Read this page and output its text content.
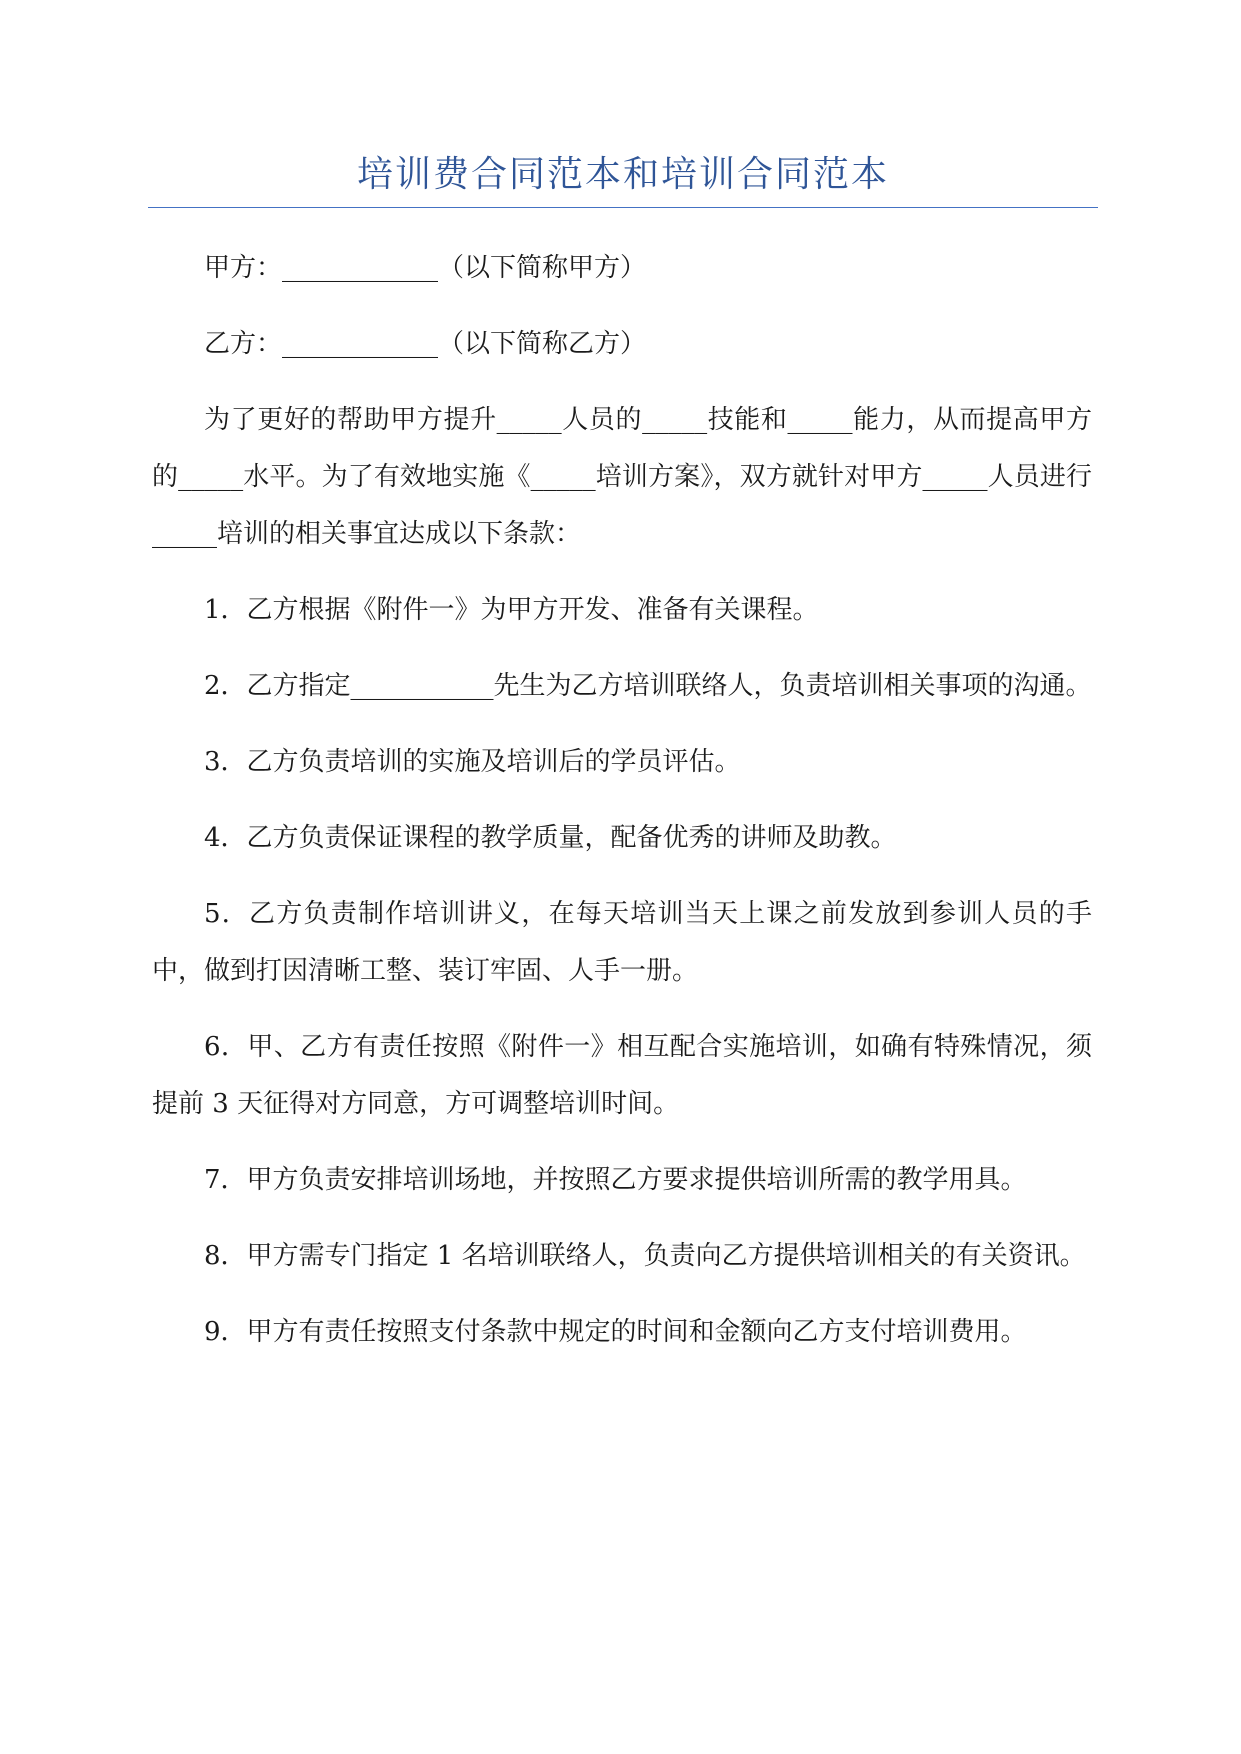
培训费合同范本和培训合同范本

甲方：____________（以下简称甲方）

乙方：____________（以下简称乙方）

为了更好的帮助甲方提升_____人员的_____技能和_____能力，从而提高甲方的_____水平。为了有效地实施《_____培训方案》，双方就针对甲方_____人员进行_____培训的相关事宜达成以下条款：

1．乙方根据《附件一》为甲方开发、准备有关课程。

2．乙方指定___________先生为乙方培训联络人，负责培训相关事项的沟通。

3．乙方负责培训的实施及培训后的学员评估。

4．乙方负责保证课程的教学质量，配备优秀的讲师及助教。

5．乙方负责制作培训讲义，在每天培训当天上课之前发放到参训人员的手中，做到打因清晰工整、装订牢固、人手一册。

6．甲、乙方有责任按照《附件一》相互配合实施培训，如确有特殊情况，须提前 3 天征得对方同意，方可调整培训时间。

7．甲方负责安排培训场地，并按照乙方要求提供培训所需的教学用具。

8．甲方需专门指定 1 名培训联络人，负责向乙方提供培训相关的有关资讯。

9．甲方有责任按照支付条款中规定的时间和金额向乙方支付培训费用。
